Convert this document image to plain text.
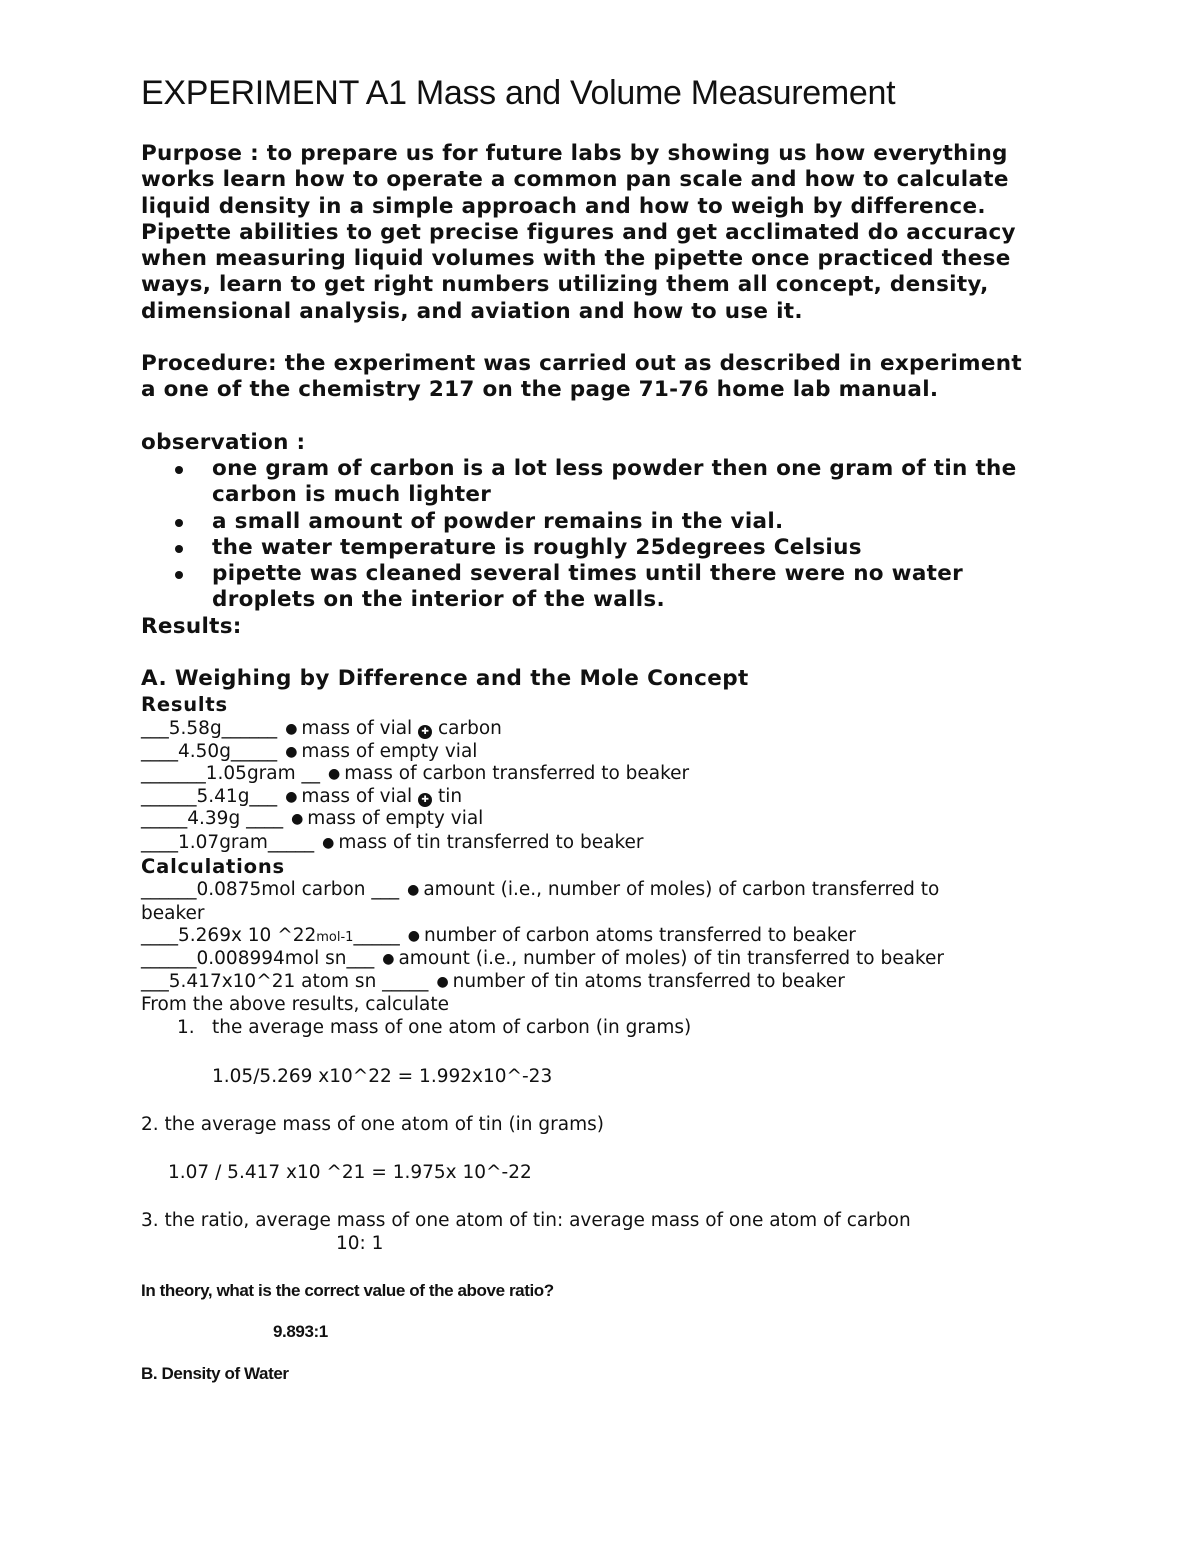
EXPERIMENT A1 Mass and Volume Measurement
Purpose : to prepare us for future labs by showing us how everything
works learn how to operate a common pan scale and how to calculate
liquid density in a simple approach and how to weigh by difference.
Pipette abilities to get precise figures and get acclimated do accuracy
when measuring liquid volumes with the pipette once practiced these
ways, learn to get right numbers utilizing them all concept, density,
dimensional analysis, and aviation and how to use it.
Procedure: the experiment was carried out as described in experiment
a one of the chemistry 217 on the page 71-76 home lab manual.
observation :
one gram of carbon is a lot less powder then one gram of tin the
carbon is much lighter
a small amount of powder remains in the vial.
the water temperature is roughly 25degrees Celsius
pipette was cleaned several times until there were no water
droplets on the interior of the walls.
Results:
A. Weighing by Difference and the Mole Concept
Results
___5.58g______ ● mass of vial ✚ carbon
____4.50g_____ ● mass of empty vial
_______1.05gram __ ● mass of carbon transferred to beaker
______5.41g___ ● mass of vial ✚ tin
_____4.39g ____ ● mass of empty vial
____1.07gram_____ ● mass of tin transferred to beaker
Calculations
______0.0875mol carbon ___ ● amount (i.e., number of moles) of carbon transferred to
beaker
____5.269x 10 ^22mol-1_____ ● number of carbon atoms transferred to beaker
______0.008994mol sn___ ● amount (i.e., number of moles) of tin transferred to beaker
___5.417x10^21 atom sn _____ ● number of tin atoms transferred to beaker
From the above results, calculate
1. the average mass of one atom of carbon (in grams)
1.05/5.269 x10^22 = 1.992x10^-23
2. the average mass of one atom of tin (in grams)
1.07 / 5.417 x10 ^21 = 1.975x 10^-22
3. the ratio, average mass of one atom of tin: average mass of one atom of carbon
10: 1
In theory, what is the correct value of the above ratio?
9.893:1
B. Density of Water
